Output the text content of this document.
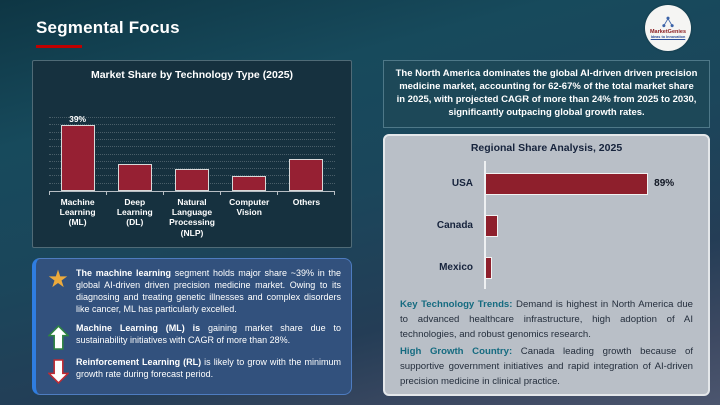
Segmental Focus	MarketGenies
Ideas to Innovation
Market Share by Technology Type (2025)
39%
Machine Learning (ML)
Deep Learning (DL)
Natural Language Processing (NLP)
Computer Vision
Others
★ The machine learning segment holds major share ~39% in the global AI-driven driven precision medicine market. Owing to its diagnosing and treating genetic illnesses and complex disorders like cancer, ML has particularly excelled.
Machine Learning (ML) is gaining market share due to sustainability initiatives with CAGR of more than 28%.
Reinforcement Learning (RL) is likely to grow with the minimum growth rate during forecast period.

The North America dominates the global AI-driven driven precision medicine market, accounting for 62-67% of the total market share in 2025, with projected CAGR of more than 24% from 2025 to 2030, significantly outpacing global growth rates.

Regional Share Analysis, 2025
USA	89%
Canada
Mexico

Key Technology Trends: Demand is highest in North America due to advanced healthcare infrastructure, high adoption of AI technologies, and robust genomics research.

High Growth Country: Canada leading growth because of supportive government initiatives and rapid integration of AI-driven precision medicine in clinical practice.
